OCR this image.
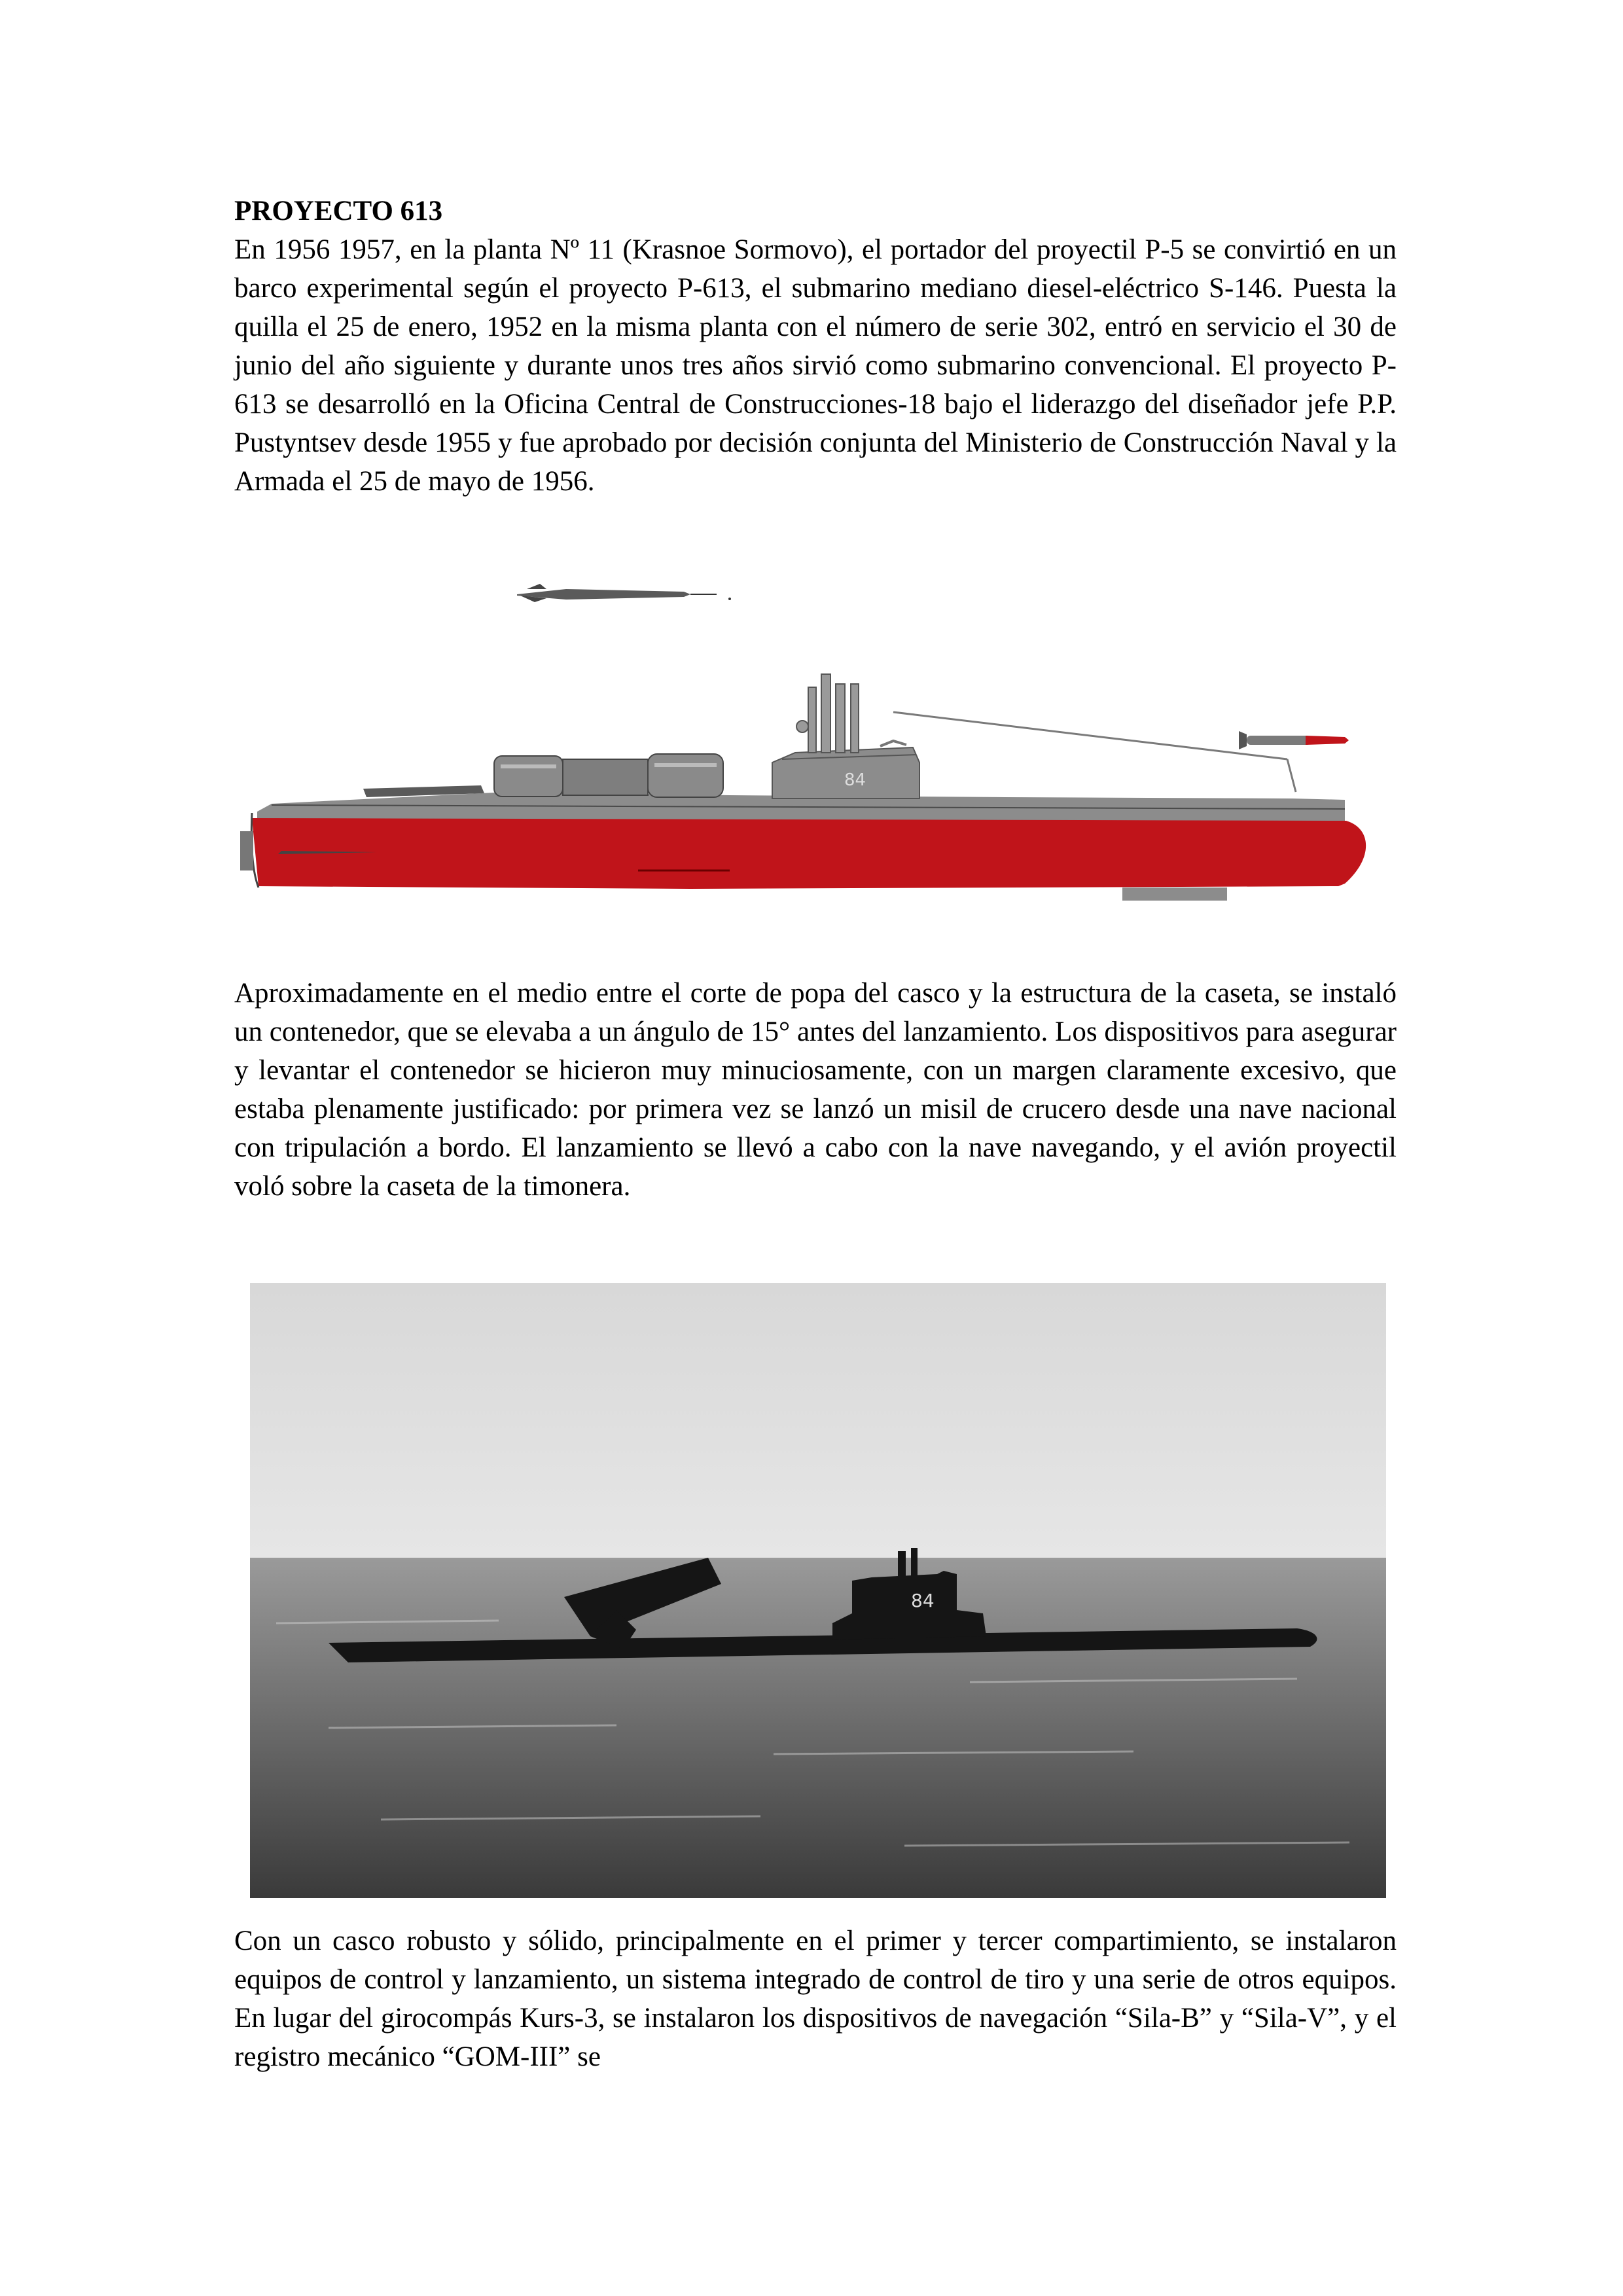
PROYECTO 613
En 1956 1957, en la planta Nº 11 (Krasnoe Sormovo), el portador del proyectil P-5 se convirtió en un barco experimental según el proyecto P-613, el submarino mediano diesel-eléctrico S-146. Puesta la quilla el 25 de enero, 1952 en la misma planta con el número de serie 302, entró en servicio el 30 de junio del año siguiente y durante unos tres años sirvió como submarino convencional. El proyecto P-613 se desarrolló en la Oficina Central de Construcciones-18 bajo el liderazgo del diseñador jefe P.P. Pustyntsev desde 1955 y fue aprobado por decisión conjunta del Ministerio de Construcción Naval y la Armada el 25 de mayo de 1956.
84
Aproximadamente en el medio entre el corte de popa del casco y la estructura de la caseta, se instaló un contenedor, que se elevaba a un ángulo de 15° antes del lanzamiento. Los dispositivos para asegurar y levantar el contenedor se hicieron muy minuciosamente, con un margen claramente excesivo, que estaba plenamente justificado: por primera vez se lanzó un misil de crucero desde una nave nacional con tripulación a bordo. El lanzamiento se llevó a cabo con la nave navegando, y el avión proyectil voló sobre la caseta de la timonera.
84
Con un casco robusto y sólido, principalmente en el primer y tercer compartimiento, se instalaron equipos de control y lanzamiento, un sistema integrado de control de tiro y una serie de otros equipos. En lugar del girocompás Kurs-3, se instalaron los dispositivos de navegación “Sila-B” y “Sila-V”, y el registro mecánico “GOM-III” se
